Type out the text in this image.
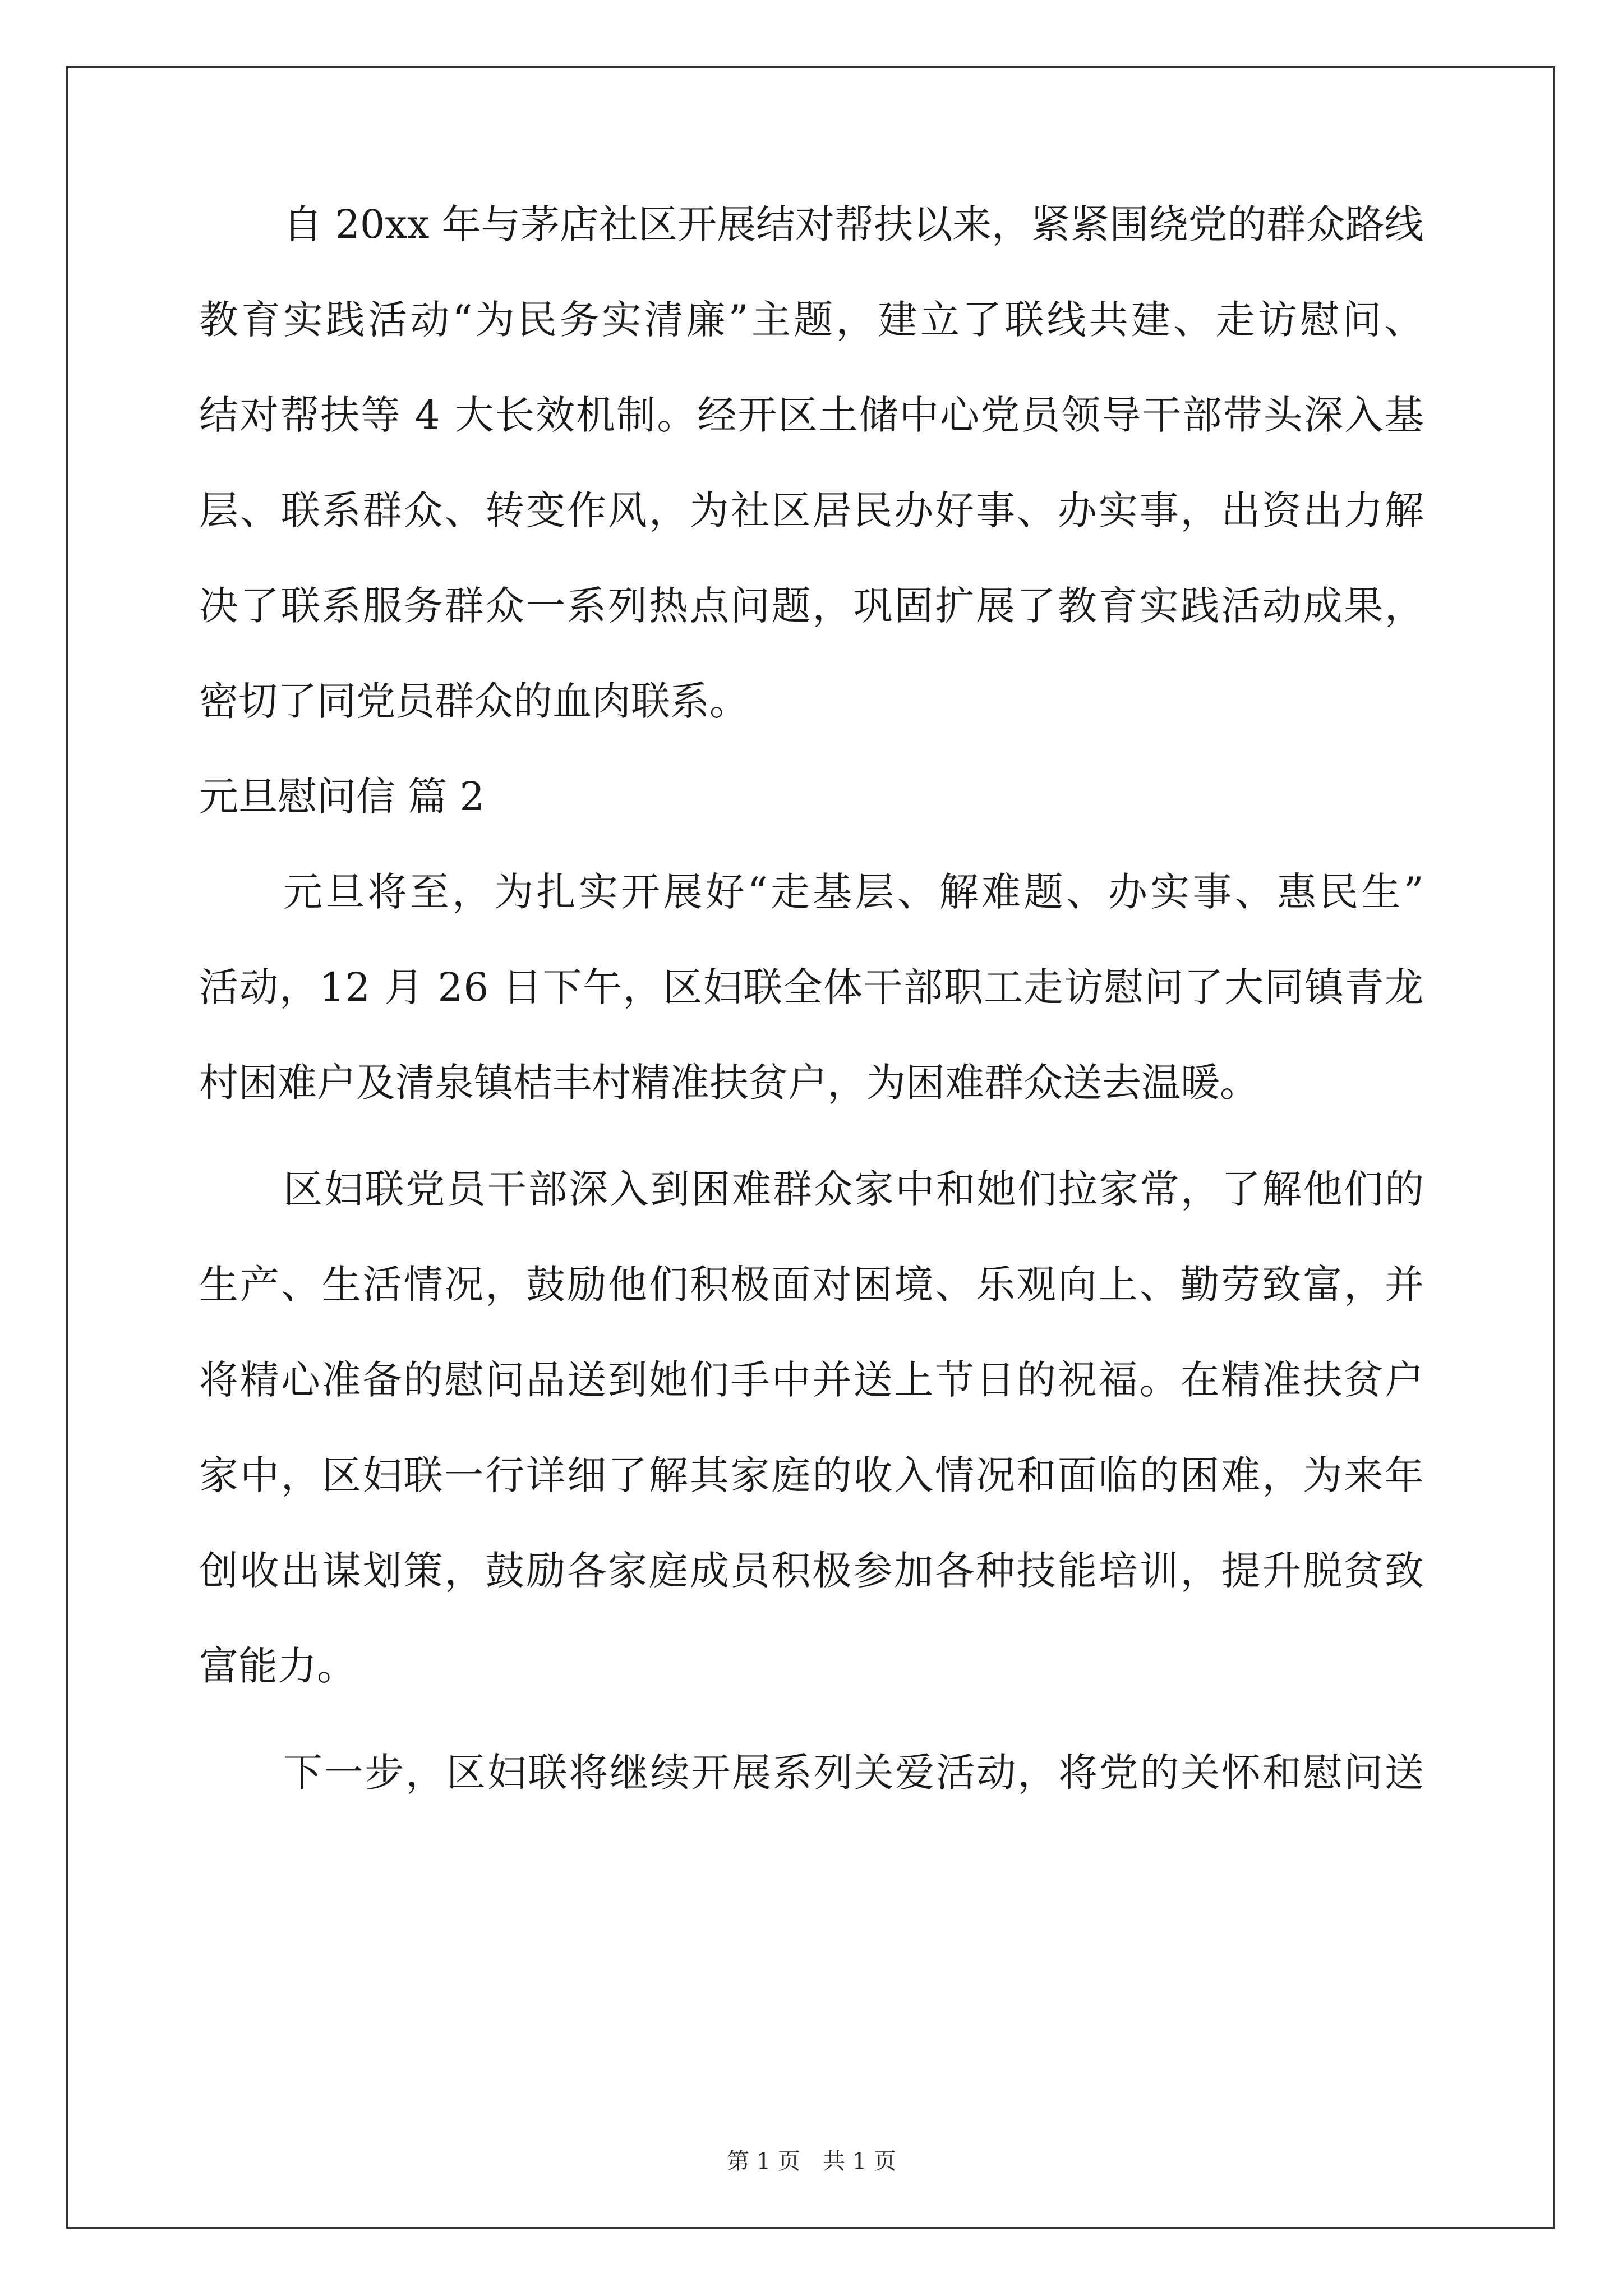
自 20xx 年与茅店社区开展结对帮扶以来，紧紧围绕党的群众路线
教育实践活动“为民务实清廉”主题，建立了联线共建、走访慰问、
结对帮扶等 4 大长效机制。经开区土储中心党员领导干部带头深入基
层、联系群众、转变作风，为社区居民办好事、办实事，出资出力解
决了联系服务群众一系列热点问题，巩固扩展了教育实践活动成果，
密切了同党员群众的血肉联系。
元旦慰问信 篇 2
元旦将至，为扎实开展好“走基层、解难题、办实事、惠民生”
活动，12 月 26 日下午，区妇联全体干部职工走访慰问了大同镇青龙
村困难户及清泉镇桔丰村精准扶贫户，为困难群众送去温暖。
区妇联党员干部深入到困难群众家中和她们拉家常，了解他们的
生产、生活情况，鼓励他们积极面对困境、乐观向上、勤劳致富，并
将精心准备的慰问品送到她们手中并送上节日的祝福。在精准扶贫户
家中，区妇联一行详细了解其家庭的收入情况和面临的困难，为来年
创收出谋划策，鼓励各家庭成员积极参加各种技能培训，提升脱贫致
富能力。
下一步，区妇联将继续开展系列关爱活动，将党的关怀和慰问送
第 1 页　共 1 页
